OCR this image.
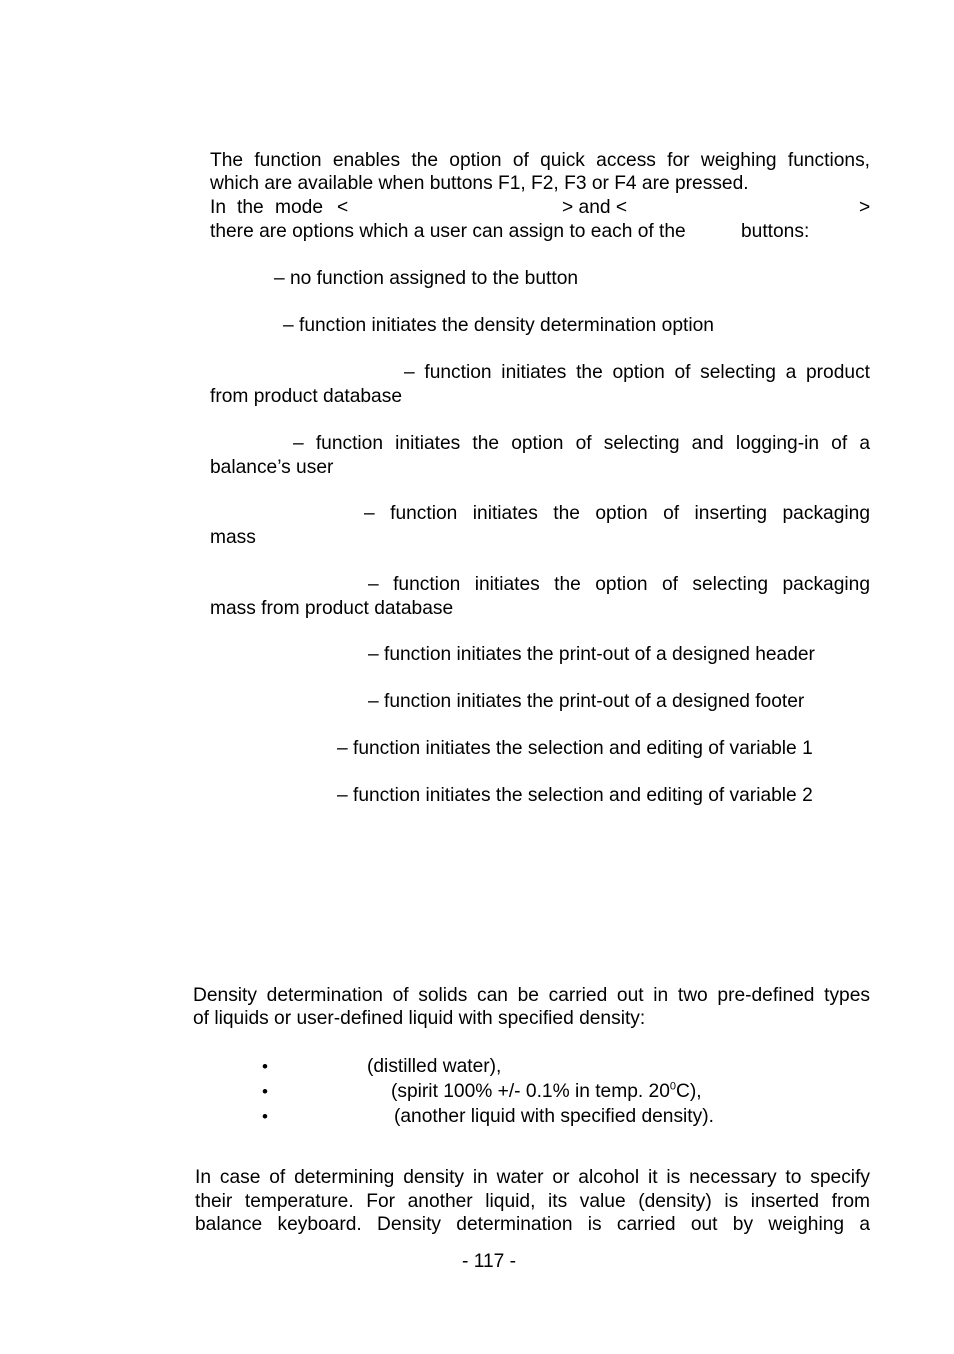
The function enables the option of quick access for weighing functions,
which are available when buttons F1, F2, F3 or F4 are pressed.
In the mode <	> and <	>
there are options which a user can assign to each of the	buttons:
– no function assigned to the button
– function initiates the density determination option
– function initiates the option of selecting a product
from product database
– function initiates the option of selecting and logging-in of a
balance’s user
– function initiates the option of inserting packaging
mass
– function initiates the option of selecting packaging
mass from product database
– function initiates the print-out of a designed header
– function initiates the print-out of a designed footer
– function initiates the selection and editing of variable 1
– function initiates the selection and editing of variable 2
Density determination of solids can be carried out in two pre-defined types
of liquids or user-defined liquid with specified density:
•	(distilled water),
•	(spirit 100% +/- 0.1% in temp. $20^0C$),
•	(another liquid with specified density).
In case of determining density in water or alcohol it is necessary to specify
their temperature. For another liquid, its value (density) is inserted from
balance keyboard. Density determination is carried out by weighing a
- 117 -
